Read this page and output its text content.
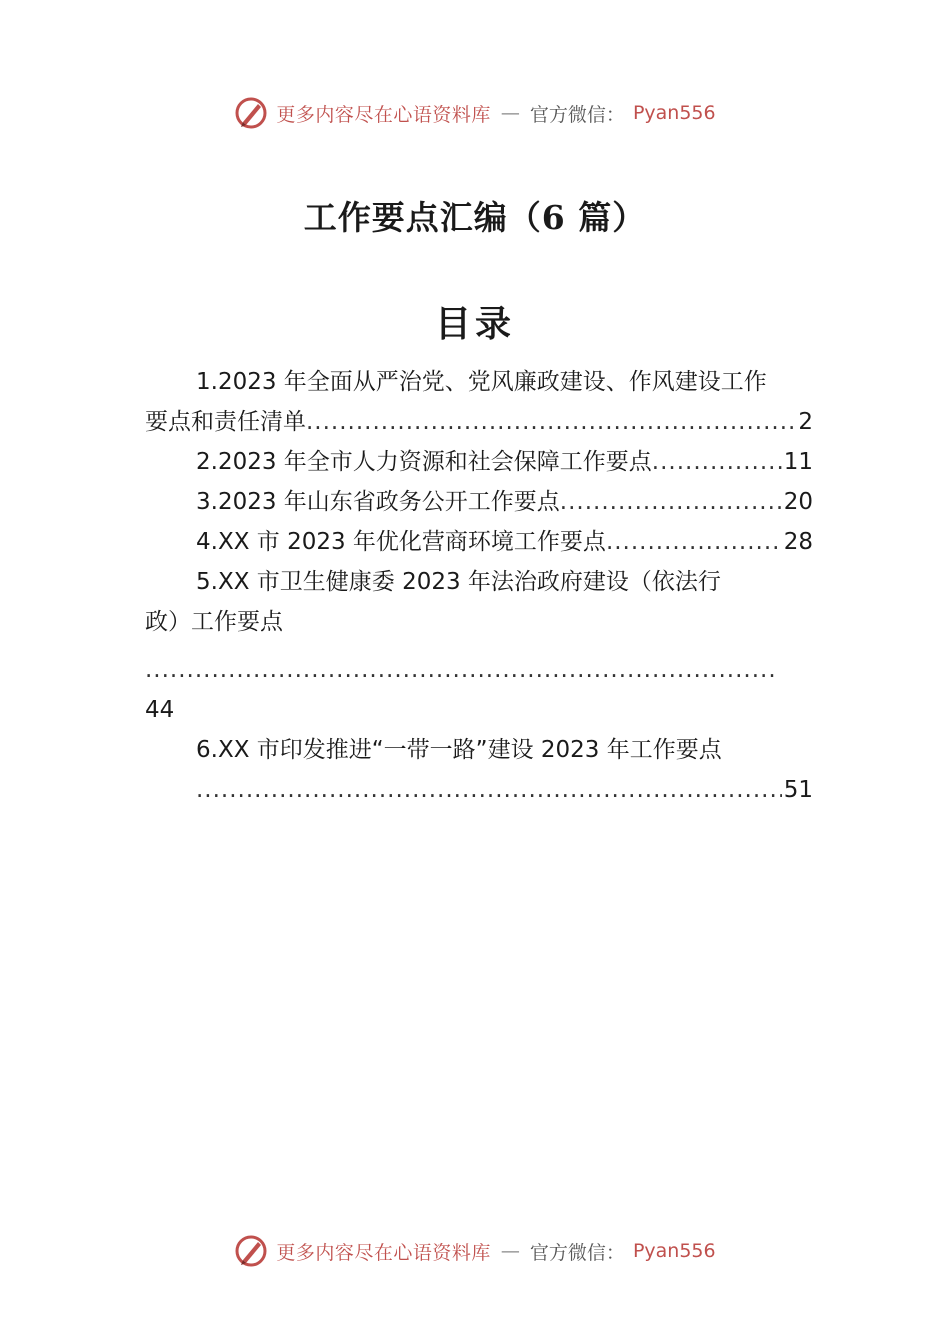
更多内容尽在心语资料库 — 官方微信： Pyan556
工作要点汇编（6 篇）
目录
1.2023 年全面从严治党、党风廉政建设、作风建设工作
要点和责任清单 .....	2
2.2023 年全市人力资源和社会保障工作要点 .....	11
3.2023 年山东省政务公开工作要点 .....	20
4.XX 市 2023 年优化营商环境工作要点 .....	28
5.XX 市卫生健康委 2023 年法治政府建设（依法行
政）工作要点
.....
44
6.XX 市印发推进“一带一路”建设 2023 年工作要点
.....
51
更多内容尽在心语资料库 — 官方微信： Pyan556
